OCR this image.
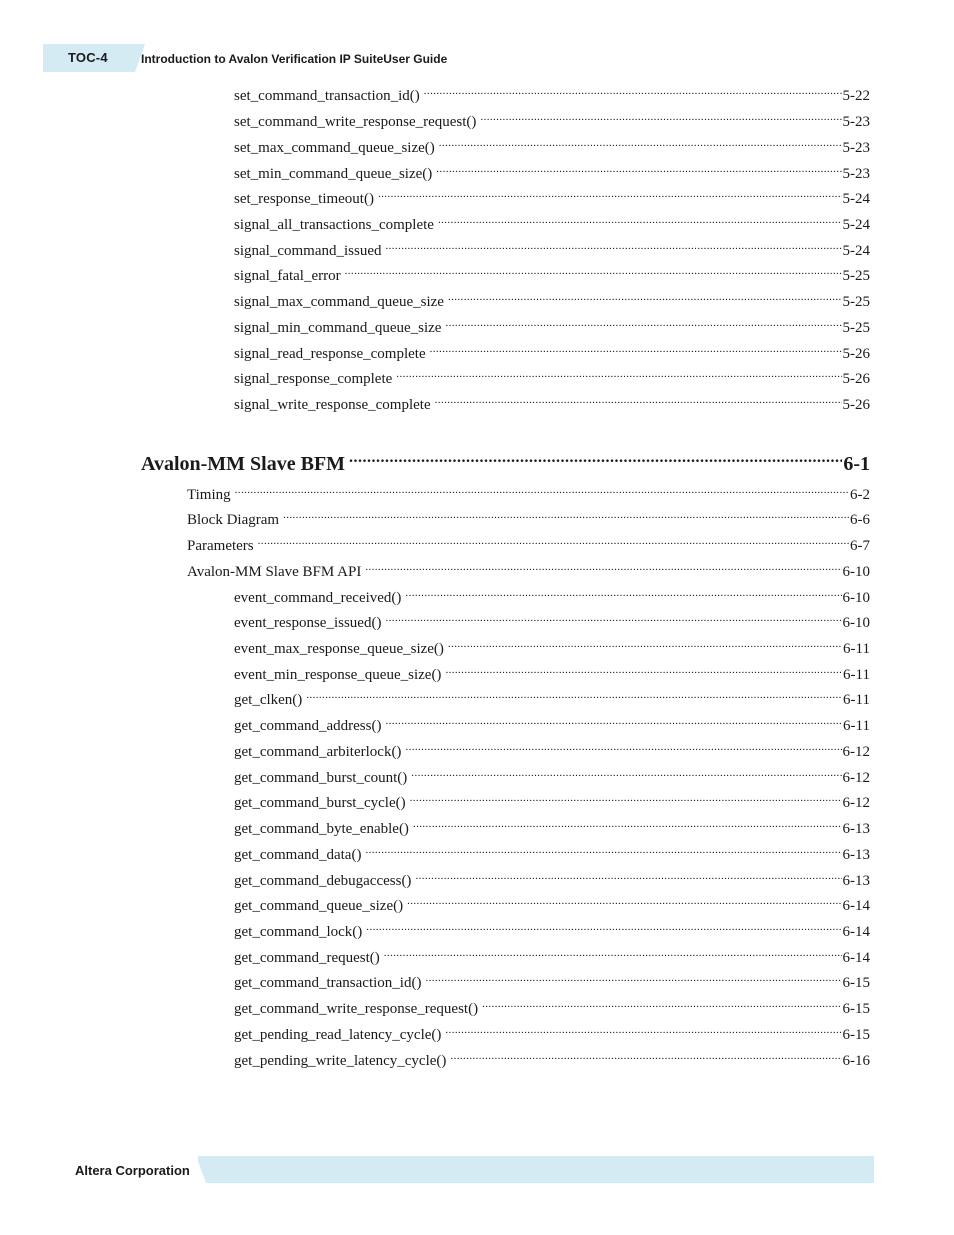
TOC-4	Introduction to Avalon Verification IP SuiteUser Guide
set_command_transaction_id() .....	5-22
set_command_write_response_request() .....	5-23
set_max_command_queue_size() .....	5-23
set_min_command_queue_size() .....	5-23
set_response_timeout() .....	5-24
signal_all_transactions_complete .....	5-24
signal_command_issued .....	5-24
signal_fatal_error .....	5-25
signal_max_command_queue_size .....	5-25
signal_min_command_queue_size .....	5-25
signal_read_response_complete .....	5-26
signal_response_complete .....	5-26
signal_write_response_complete .....	5-26
Avalon-MM Slave BFM .....	6-1
Timing .....	6-2
Block Diagram .....	6-6
Parameters .....	6-7
Avalon-MM Slave BFM API .....	6-10
event_command_received() .....	6-10
event_response_issued() .....	6-10
event_max_response_queue_size() .....	6-11
event_min_response_queue_size() .....	6-11
get_clken() .....	6-11
get_command_address() .....	6-11
get_command_arbiterlock() .....	6-12
get_command_burst_count() .....	6-12
get_command_burst_cycle() .....	6-12
get_command_byte_enable() .....	6-13
get_command_data() .....	6-13
get_command_debugaccess() .....	6-13
get_command_queue_size() .....	6-14
get_command_lock() .....	6-14
get_command_request() .....	6-14
get_command_transaction_id() .....	6-15
get_command_write_response_request() .....	6-15
get_pending_read_latency_cycle() .....	6-15
get_pending_write_latency_cycle() .....	6-16
Altera Corporation
